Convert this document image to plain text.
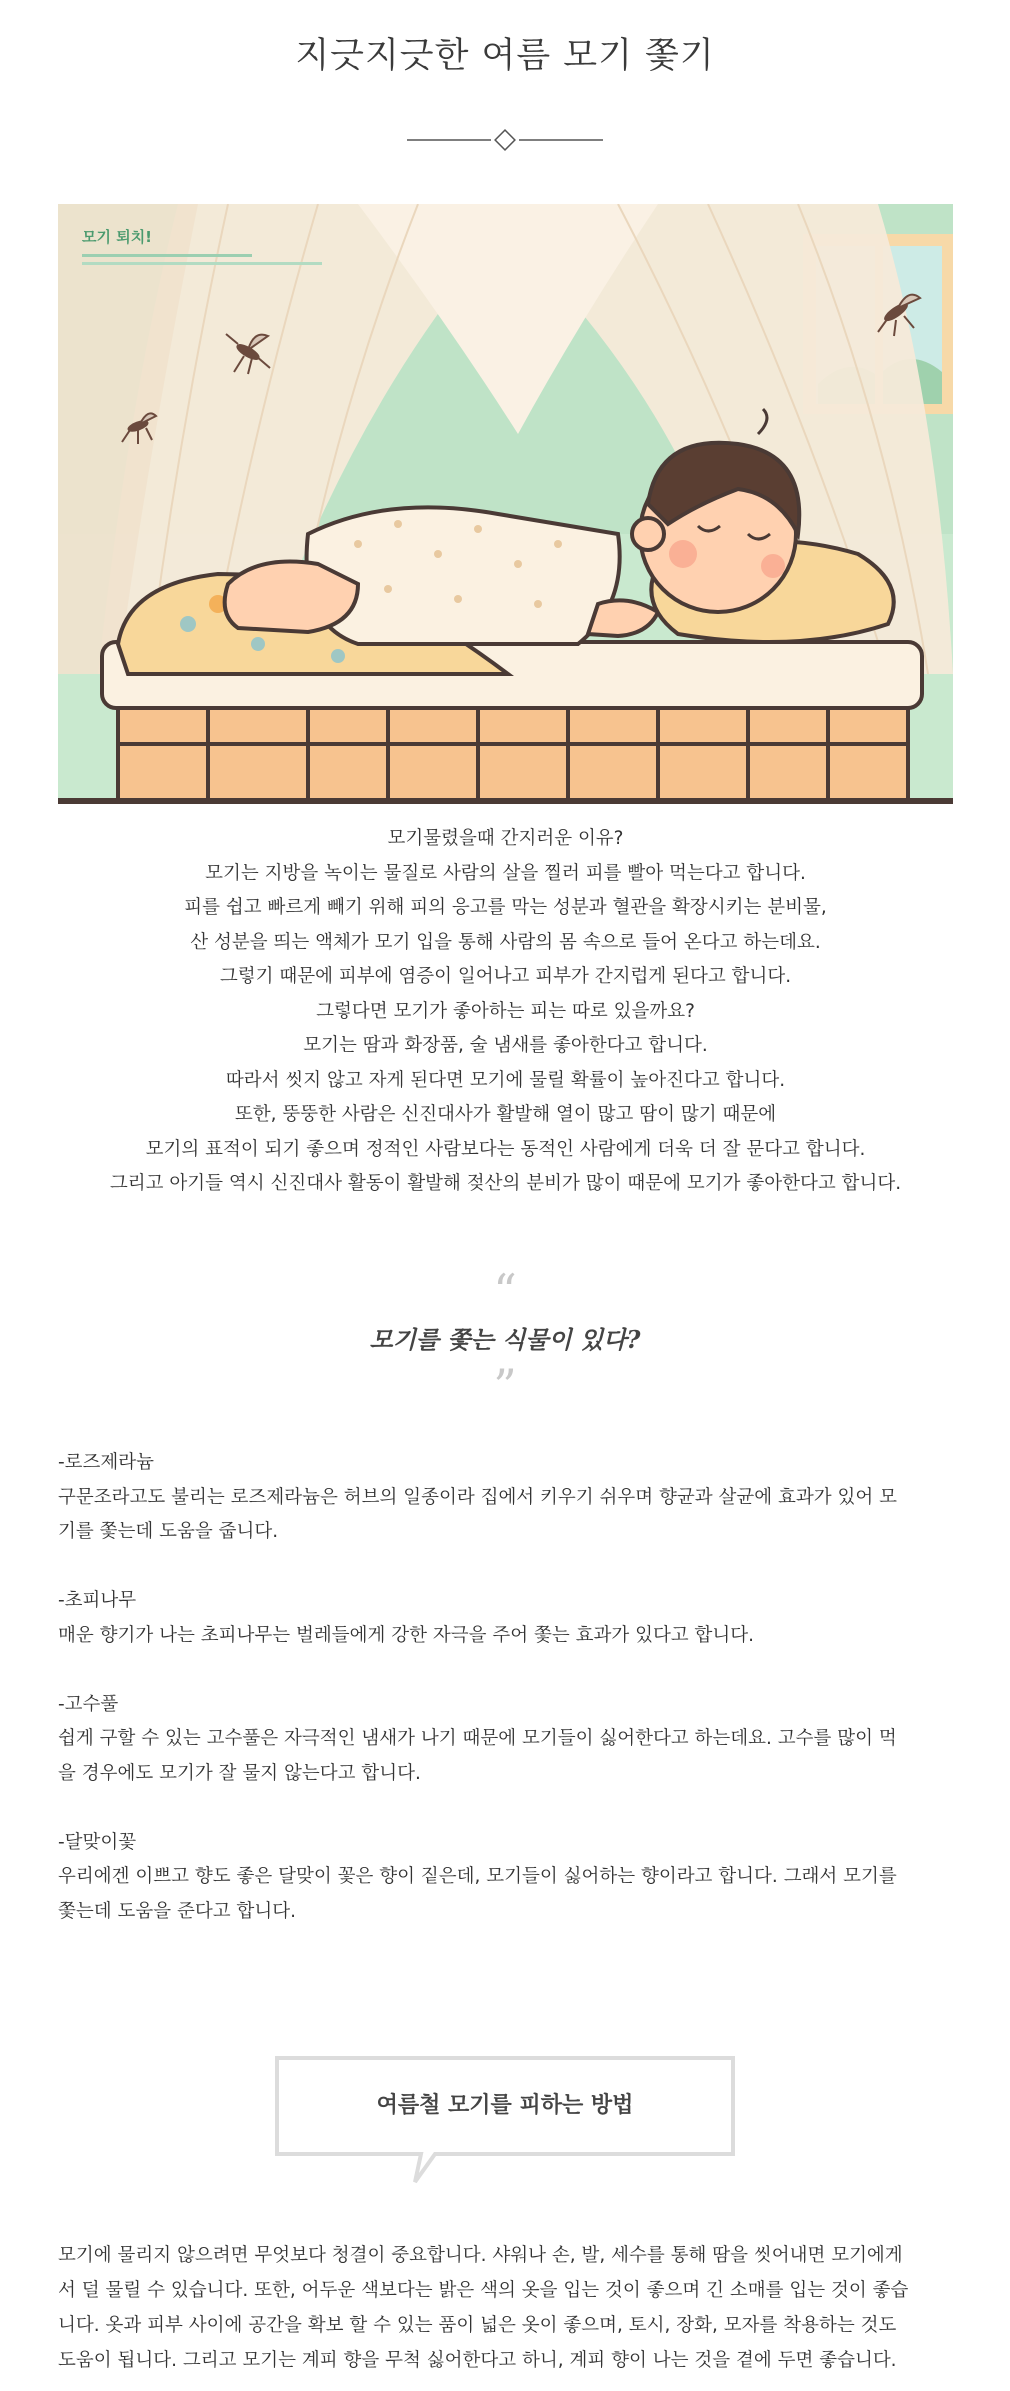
지긋지긋한 여름 모기 쫓기
모기 퇴치!

모기물렸을때 간지러운 이유?

모기는 지방을 녹이는 물질로 사람의 살을 찔러 피를 빨아 먹는다고 합니다.

피를 쉽고 빠르게 빼기 위해 피의 응고를 막는 성분과 혈관을 확장시키는 분비물,

산 성분을 띄는 액체가 모기 입을 통해 사람의 몸 속으로 들어 온다고 하는데요.

그렇기 때문에 피부에 염증이 일어나고 피부가 간지럽게 된다고 합니다.

그렇다면 모기가 좋아하는 피는 따로 있을까요?

모기는 땀과 화장품, 술 냄새를 좋아한다고 합니다.

따라서 씻지 않고 자게 된다면 모기에 물릴 확률이 높아진다고 합니다.

또한, 뚱뚱한 사람은 신진대사가 활발해 열이 많고 땀이 많기 때문에

모기의 표적이 되기 좋으며 정적인 사람보다는 동적인 사람에게 더욱 더 잘 문다고 합니다.

그리고 아기들 역시 신진대사 활동이 활발해 젖산의 분비가 많이 때문에 모기가 좋아한다고 합니다.

“
모기를 쫓는 식물이 있다?
”
-로즈제라늄
구문조라고도 불리는 로즈제라늄은 허브의 일종이라 집에서 키우기 쉬우며 향균과 살균에 효과가 있어 모
기를 쫓는데 도움을 줍니다.
-초피나무
매운 향기가 나는 초피나무는 벌레들에게 강한 자극을 주어 쫓는 효과가 있다고 합니다.
-고수풀
쉽게 구할 수 있는 고수풀은 자극적인 냄새가 나기 때문에 모기들이 싫어한다고 하는데요. 고수를 많이 먹
을 경우에도 모기가 잘 물지 않는다고 합니다.
-달맞이꽃
우리에겐 이쁘고 향도 좋은 달맞이 꽃은 향이 짙은데, 모기들이 싫어하는 향이라고 합니다. 그래서 모기를
쫓는데 도움을 준다고 합니다.
여름철 모기를 피하는 방법
모기에 물리지 않으려면 무엇보다 청결이 중요합니다. 샤워나 손, 발, 세수를 통해 땀을 씻어내면 모기에게
서 덜 물릴 수 있습니다. 또한, 어두운 색보다는 밝은 색의 옷을 입는 것이 좋으며 긴 소매를 입는 것이 좋습
니다. 옷과 피부 사이에 공간을 확보 할 수 있는 품이 넓은 옷이 좋으며, 토시, 장화, 모자를 착용하는 것도
도움이 됩니다. 그리고 모기는 계피 향을 무척 싫어한다고 하니, 계피 향이 나는 것을 곁에 두면 좋습니다.
